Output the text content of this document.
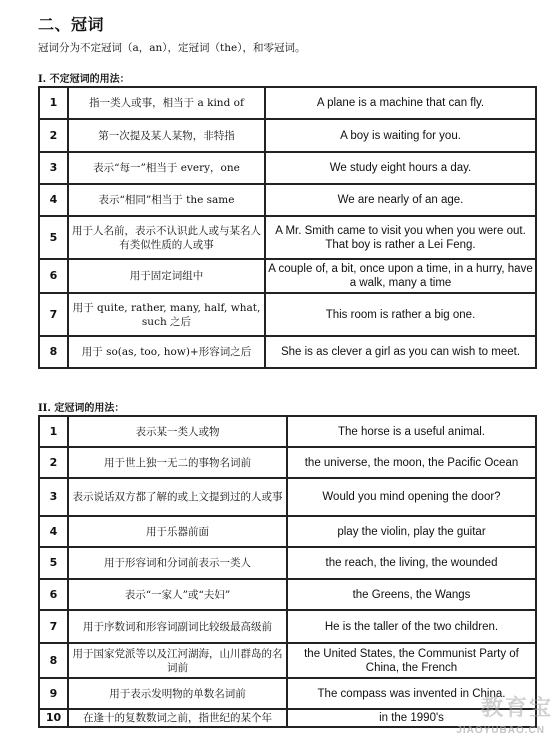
二、冠词
冠词分为不定冠词（a，an），定冠词（the），和零冠词。
I. 不定冠词的用法：
1	指一类人或事，相当于 a kind of	A plane is a machine that can fly.
2	第一次提及某人某物，非特指	A boy is waiting for you.
3	表示“每一”相当于 every，one	We study eight hours a day.
4	表示“相同”相当于 the same	We are nearly of an age.
5	用于人名前，表示不认识此人或与某名人有类似性质的人或事	A Mr. Smith came to visit you when you were out. That boy is rather a Lei Feng.
6	用于固定词组中	A couple of, a bit, once upon a time, in a hurry, have a walk, many a time
7	用于 quite, rather, many, half, what, such 之后	This room is rather a big one.
8	用于 so(as, too, how)+形容词之后	She is as clever a girl as you can wish to meet.
II. 定冠词的用法：
1	表示某一类人或物	The horse is a useful animal.
2	用于世上独一无二的事物名词前	the universe, the moon, the Pacific Ocean
3	表示说话双方都了解的或上文提到过的人或事	Would you mind opening the door?
4	用于乐器前面	play the violin, play the guitar
5	用于形容词和分词前表示一类人	the reach, the living, the wounded
6	表示“一家人”或“夫妇”	the Greens, the Wangs
7	用于序数词和形容词副词比较级最高级前	He is the taller of the two children.
8	用于国家党派等以及江河湖海，山川群岛的名词前	the United States, the Communist Party of China, the French
9	用于表示发明物的单数名词前	The compass was invented in China.
10	在逢十的复数数词之前，指世纪的某个年	in the 1990's 教育宝
JIAOYUBAO.CN
